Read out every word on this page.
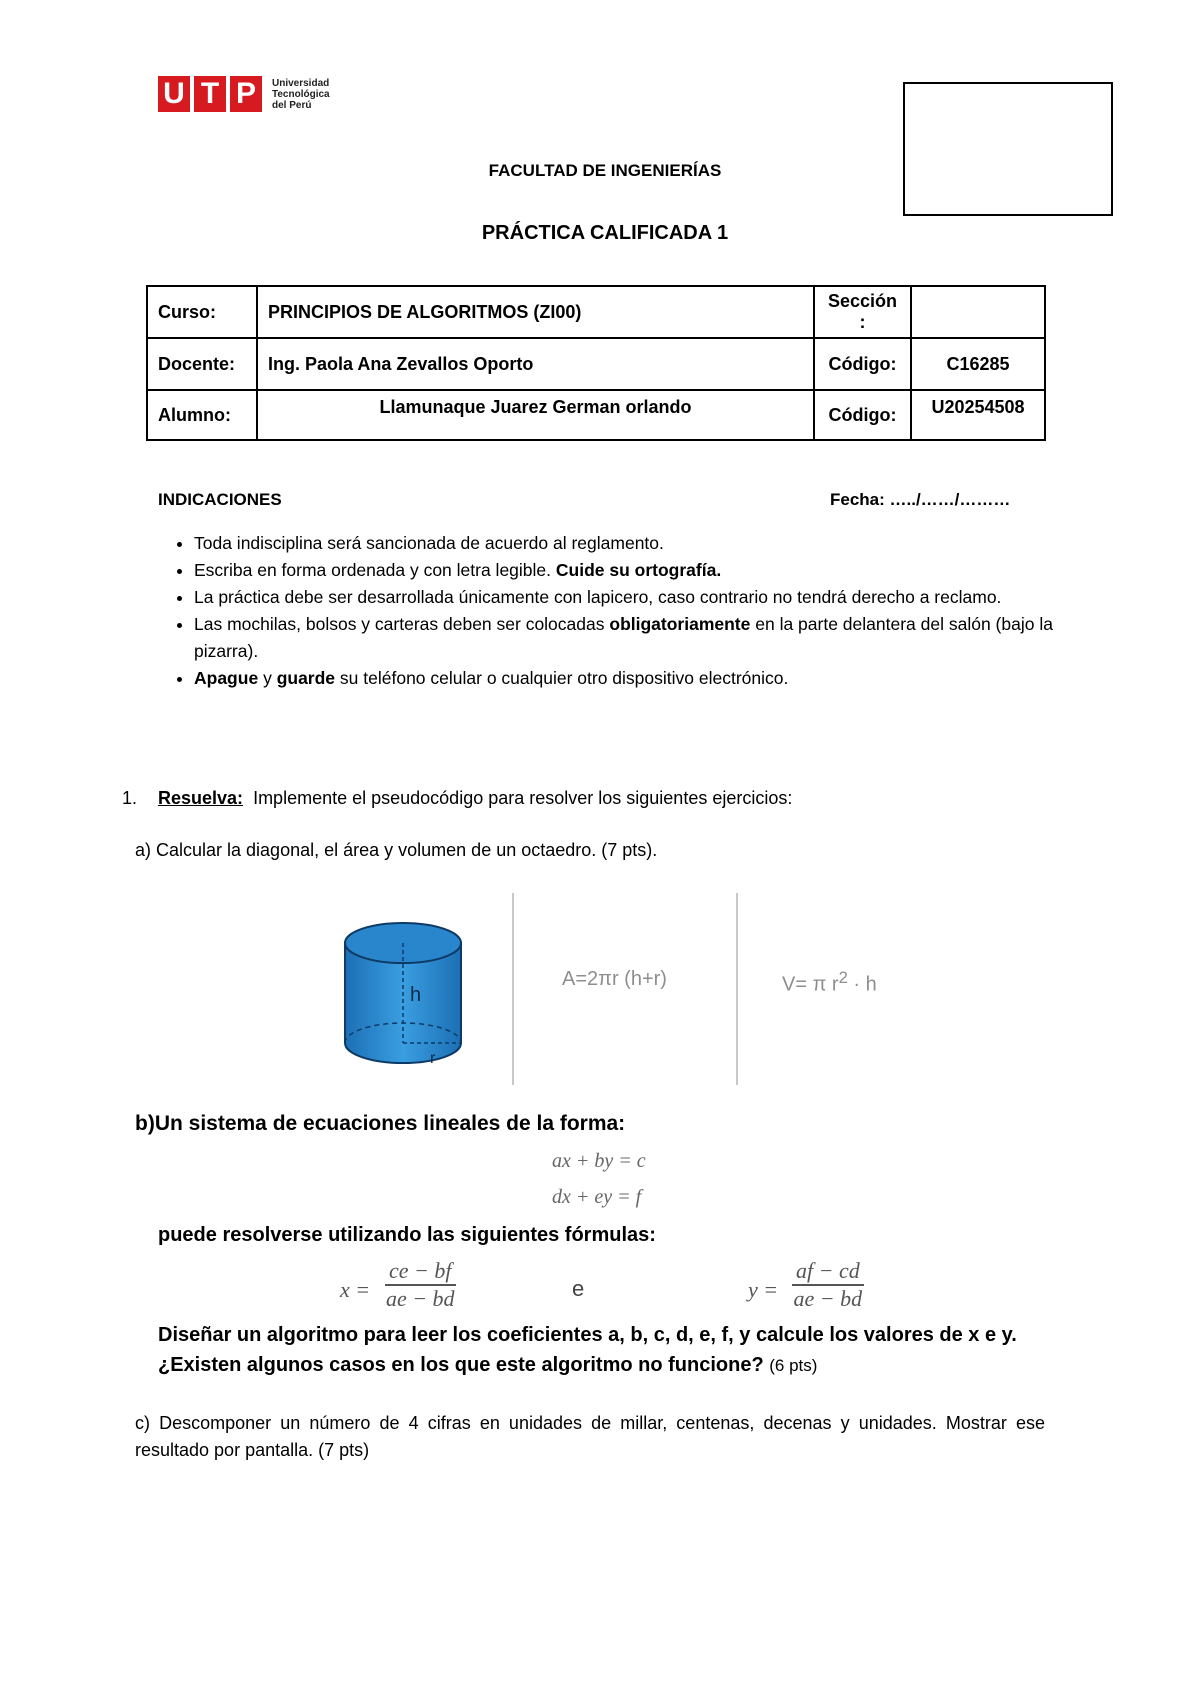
U T P	Universidad
Tecnológica
del Perú
FACULTAD DE INGENIERÍAS
PRÁCTICA CALIFICADA 1
Curso:	PRINCIPIOS DE ALGORITMOS (ZI00)	Sección :	
Docente:	Ing. Paola Ana Zevallos Oporto	Código:	C16285
Alumno:	Llamunaque Juarez German orlando	Código:	U20254508
INDICACIONES	Fecha: …../……/………
• Toda indisciplina será sancionada de acuerdo al reglamento.
• Escriba en forma ordenada y con letra legible. Cuide su ortografía.
• La práctica debe ser desarrollada únicamente con lapicero, caso contrario no tendrá derecho a reclamo.
• Las mochilas, bolsos y carteras deben ser colocadas obligatoriamente en la parte delantera del salón (bajo la pizarra).
• Apague y guarde su teléfono celular o cualquier otro dispositivo electrónico.
1. Resuelva: Implemente el pseudocódigo para resolver los siguientes ejercicios:
a) Calcular la diagonal, el área y volumen de un octaedro. (7 pts).
h
r
A=2πr (h+r)	V= π $r^2 \cdot h$
b)Un sistema de ecuaciones lineales de la forma:
ax + by = c
dx + ey = f
puede resolverse utilizando las siguientes fórmulas:
$x = \frac{ce - bf}{ae - bd}$	e	$y = \frac{af - cd}{ae - bd}$
Diseñar un algoritmo para leer los coeficientes a, b, c, d, e, f, y calcule los valores de x e y.
¿Existen algunos casos en los que este algoritmo no funcione? (6 pts)
c) Descomponer un número de 4 cifras en unidades de millar, centenas, decenas y unidades. Mostrar ese resultado por pantalla. (7 pts)
